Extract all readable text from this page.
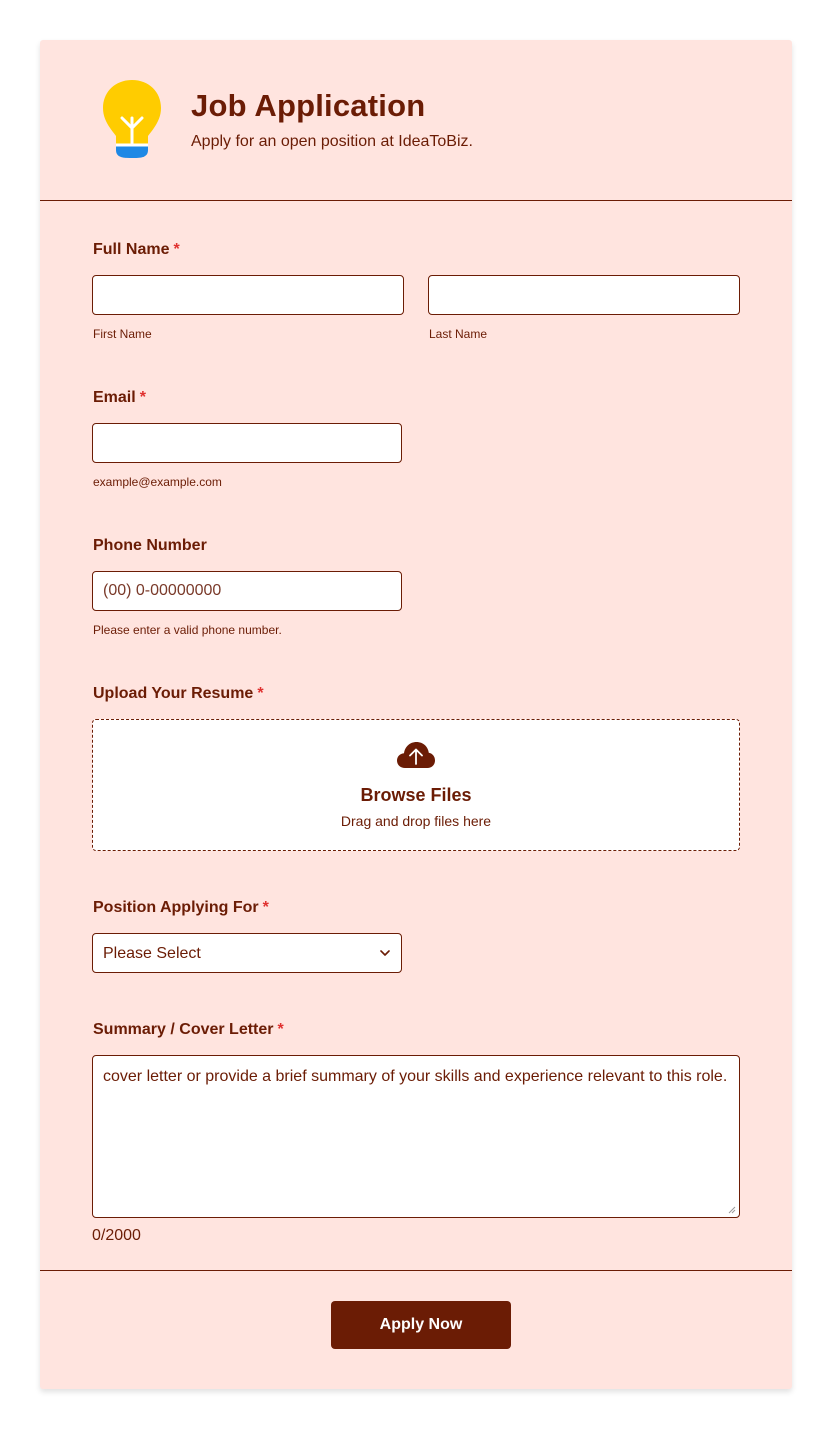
Job Application
Apply for an open position at IdeaToBiz.
Full Name *
First Name	Last Name
Email *
example@example.com
Phone Number
(00) 0-00000000
Please enter a valid phone number.
Upload Your Resume *
Browse Files
Drag and drop files here
Position Applying For *
Please Select
Summary / Cover Letter *
cover letter or provide a brief summary of your skills and experience relevant to this role.
0/2000
Apply Now
